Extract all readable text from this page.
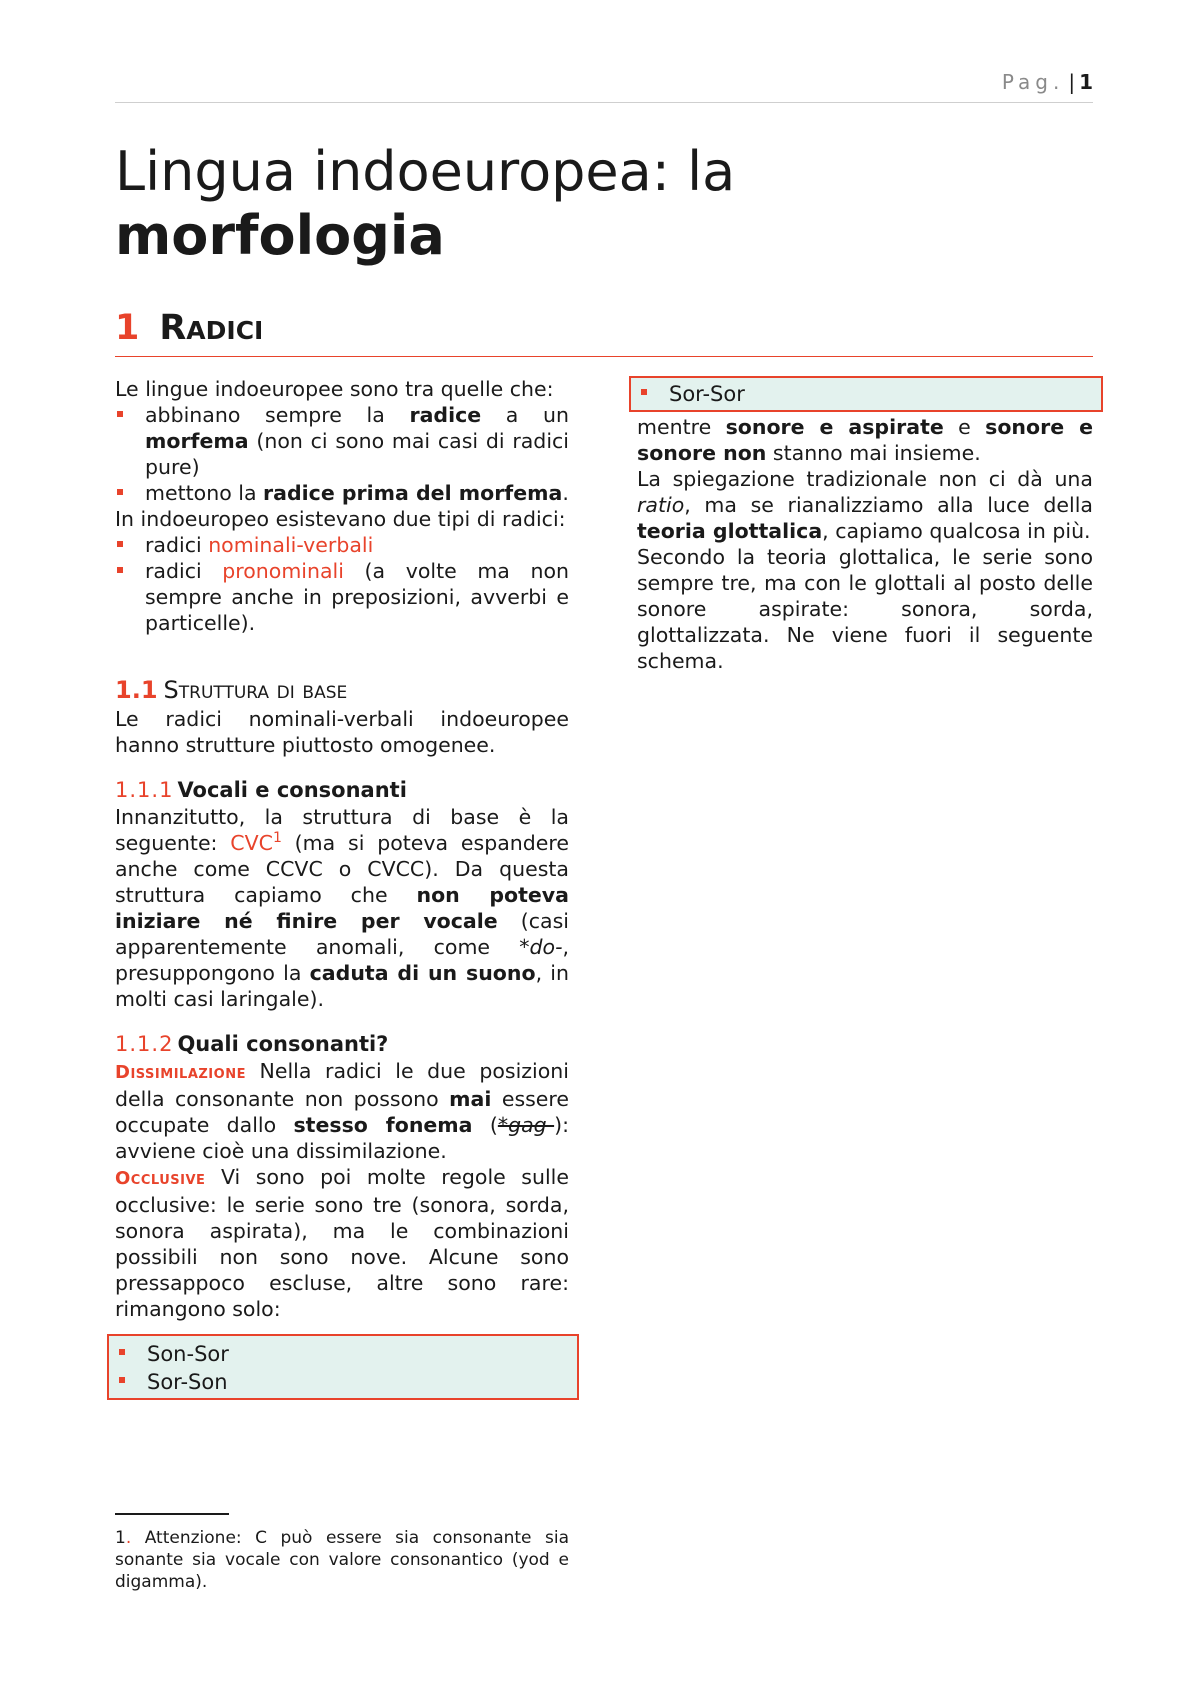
Pag. | 1
Lingua indoeuropea: la
morfologia
1 Radici

Le lingue indoeuropee sono tra quelle che:

abbinano sempre la radice a un morfema (non ci sono mai casi di radici pure)
mettono la radice prima del morfema.

In indoeuropeo esistevano due tipi di radici:

radici nominali-verbali
radici pronominali (a volte ma non sempre anche in preposizioni, avverbi e particelle).
1.1 Struttura di base

Le radici nominali-verbali indoeuropee hanno strutture piuttosto omogenee.

1.1.1 Vocali e consonanti

Innanzitutto, la struttura di base è la seguente: CVC$^1$ (ma si poteva espandere anche come CCVC o CVCC). Da questa struttura capiamo che non poteva iniziare né finire per vocale (casi apparentemente anomali, come *do-, presuppongono la caduta di un suono, in molti casi laringale).

1.1.2 Quali consonanti?

Dissimilazione Nella radici le due posizioni della consonante non possono mai essere occupate dallo stesso fonema (*gag-): avviene cioè una dissimilazione.

Occlusive Vi sono poi molte regole sulle occlusive: le serie sono tre (sonora, sorda, sonora aspirata), ma le combinazioni possibili non sono nove. Alcune sono pressappoco escluse, altre sono rare: rimangono solo:

Son-Sor
Sor-Son
Sor-Sor

mentre sonore e aspirate e sonore e sonore non stanno mai insieme.

La spiegazione tradizionale non ci dà una ratio, ma se rianalizziamo alla luce della teoria glottalica, capiamo qualcosa in più.

Secondo la teoria glottalica, le serie sono sempre tre, ma con le glottali al posto delle sonore aspirate: sonora, sorda, glottalizzata. Ne viene fuori il seguente schema.

1. Attenzione: C può essere sia consonante sia sonante sia vocale con valore consonantico (yod e digamma).
